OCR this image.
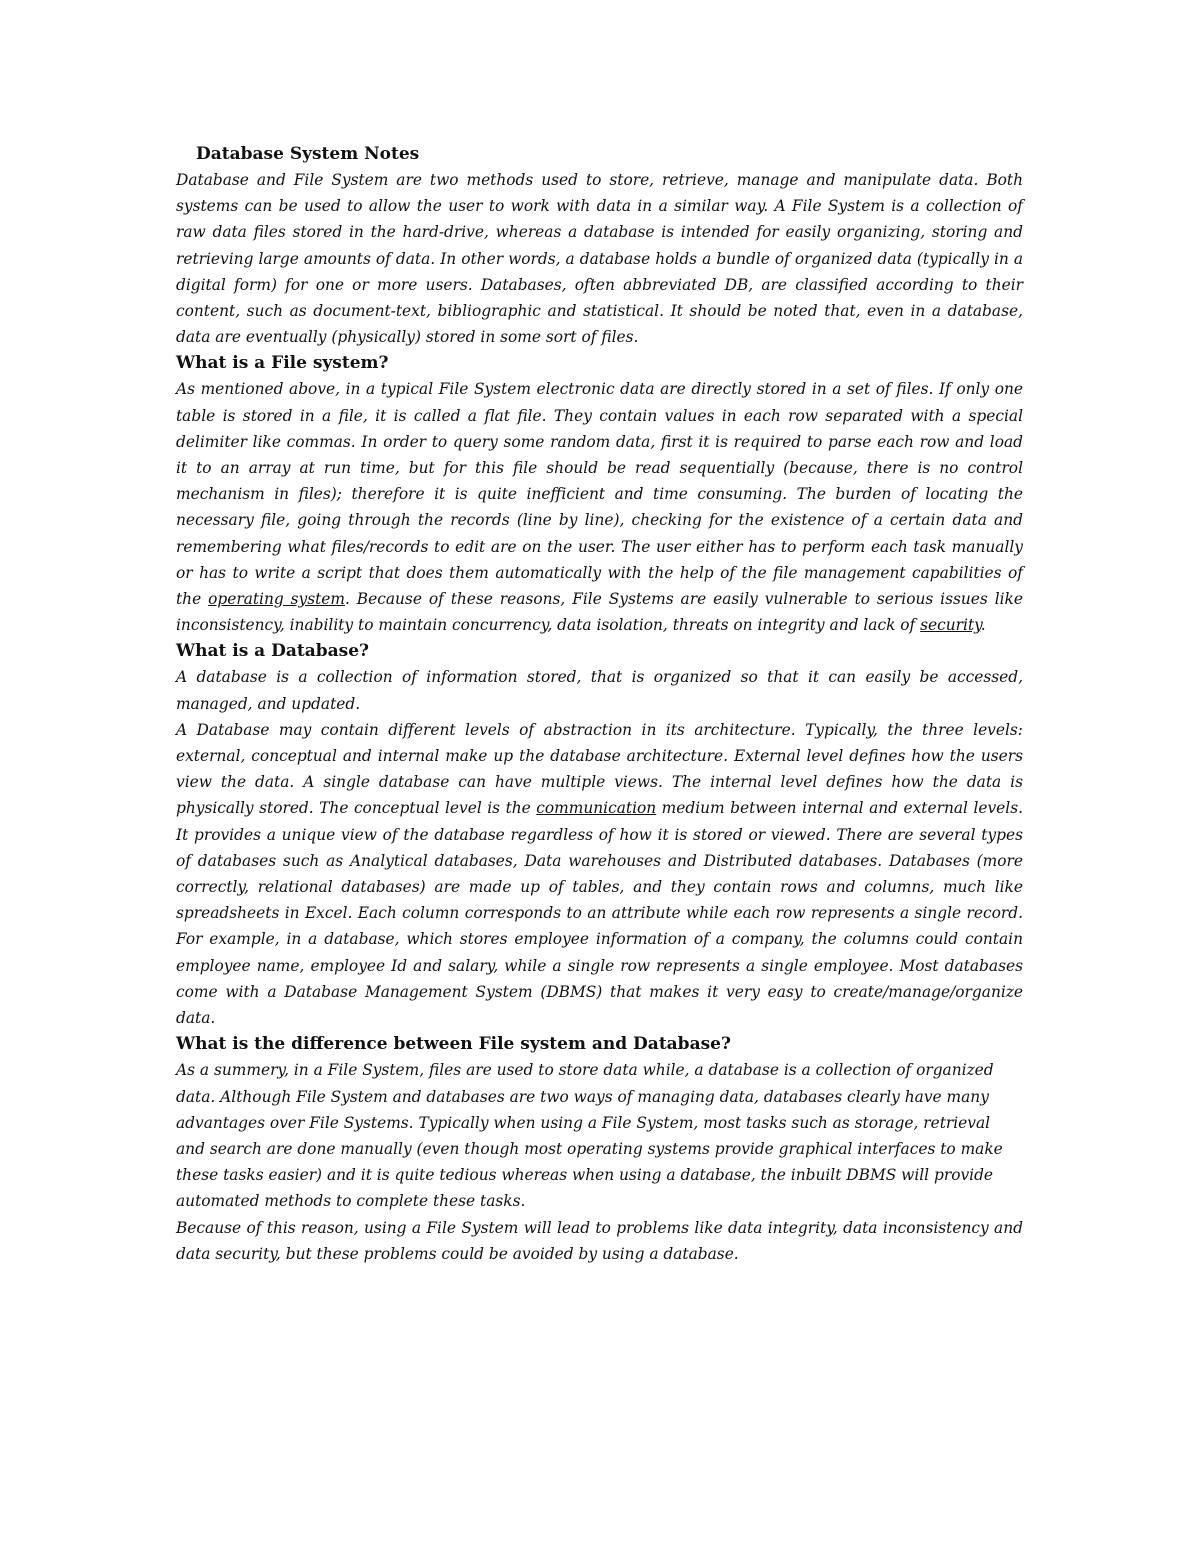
Database System Notes

Database and File System are two methods used to store, retrieve, manage and manipulate data. Both systems can be used to allow the user to work with data in a similar way. A File System is a collection of raw data files stored in the hard-drive, whereas a database is intended for easily organizing, storing and retrieving large amounts of data. In other words, a database holds a bundle of organized data (typically in a digital form) for one or more users. Databases, often abbreviated DB, are classified according to their content, such as document-text, bibliographic and statistical. It should be noted that, even in a database, data are eventually (physically) stored in some sort of files.

What is a File system?

As mentioned above, in a typical File System electronic data are directly stored in a set of files. If only one table is stored in a file, it is called a flat file. They contain values in each row separated with a special delimiter like commas. In order to query some random data, first it is required to parse each row and load it to an array at run time, but for this file should be read sequentially (because, there is no control mechanism in files); therefore it is quite inefficient and time consuming. The burden of locating the necessary file, going through the records (line by line), checking for the existence of a certain data and remembering what files/records to edit are on the user. The user either has to perform each task manually or has to write a script that does them automatically with the help of the file management capabilities of the operating system. Because of these reasons, File Systems are easily vulnerable to serious issues like inconsistency, inability to maintain concurrency, data isolation, threats on integrity and lack of security.

What is a Database?

A database is a collection of information stored, that is organized so that it can easily be accessed, managed, and updated.

A Database may contain different levels of abstraction in its architecture. Typically, the three levels: external, conceptual and internal make up the database architecture. External level defines how the users view the data. A single database can have multiple views. The internal level defines how the data is physically stored. The conceptual level is the communication medium between internal and external levels. It provides a unique view of the database regardless of how it is stored or viewed. There are several types of databases such as Analytical databases, Data warehouses and Distributed databases. Databases (more correctly, relational databases) are made up of tables, and they contain rows and columns, much like spreadsheets in Excel. Each column corresponds to an attribute while each row represents a single record. For example, in a database, which stores employee information of a company, the columns could contain employee name, employee Id and salary, while a single row represents a single employee. Most databases come with a Database Management System (DBMS) that makes it very easy to create/manage/organize data.

What is the difference between File system and Database?

As a summery, in a File System, files are used to store data while, a database is a collection of organized data. Although File System and databases are two ways of managing data, databases clearly have many advantages over File Systems. Typically when using a File System, most tasks such as storage, retrieval and search are done manually (even though most operating systems provide graphical interfaces to make these tasks easier) and it is quite tedious whereas when using a database, the inbuilt DBMS will provide automated methods to complete these tasks.

Because of this reason, using a File System will lead to problems like data integrity, data inconsistency and data security, but these problems could be avoided by using a database.
